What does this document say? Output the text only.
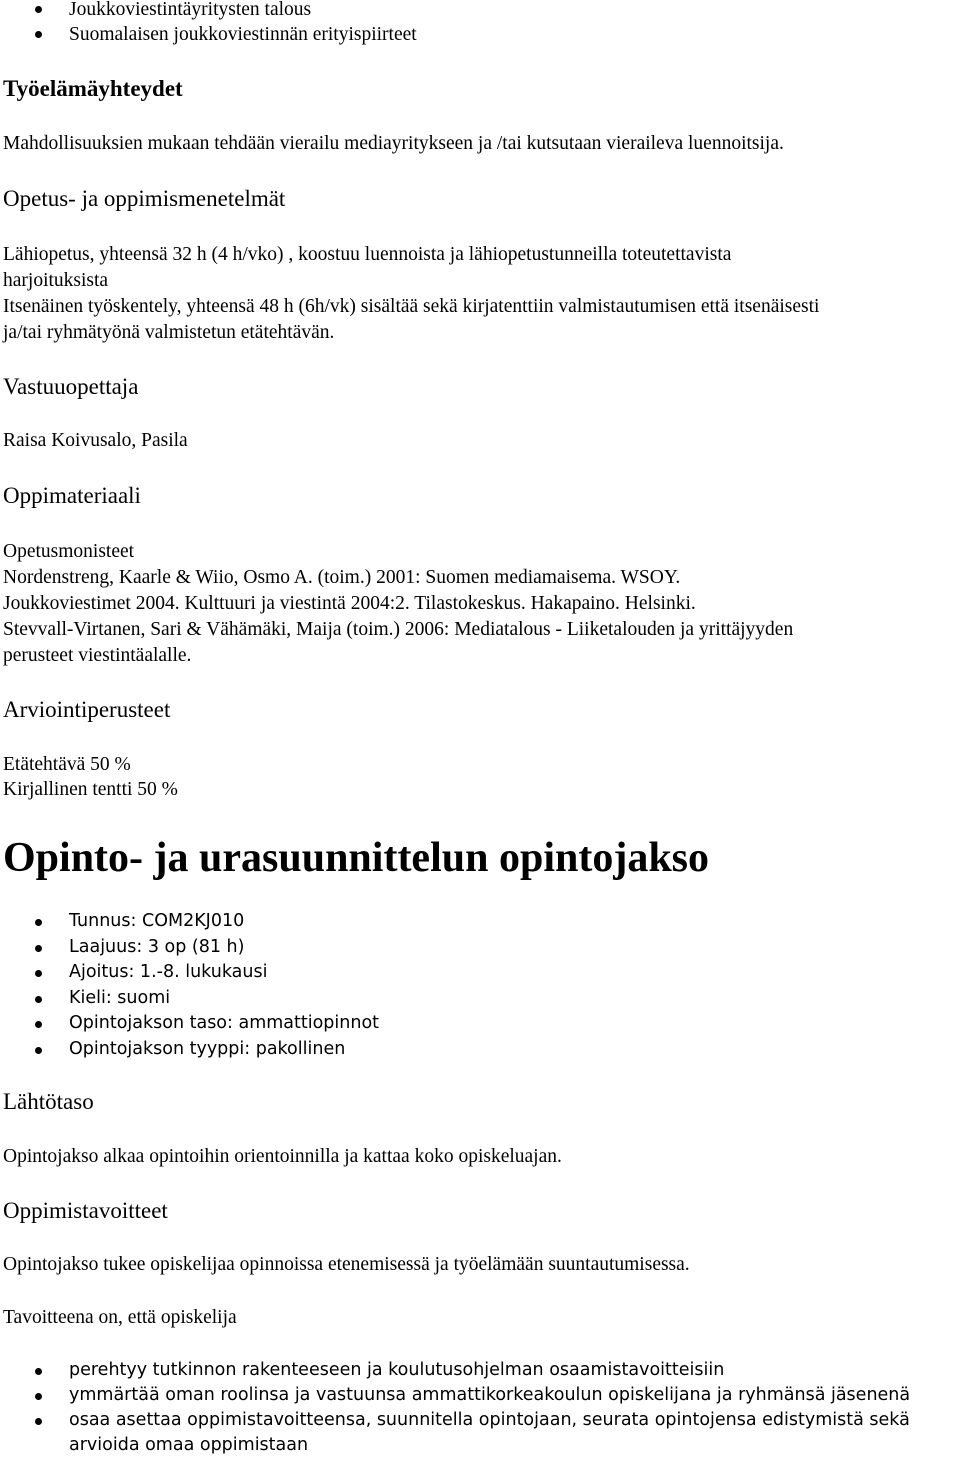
Joukkoviestintäyritysten talous
Suomalaisen joukkoviestinnän erityispiirteet
Työelämäyhteydet
Mahdollisuuksien mukaan tehdään vierailu mediayritykseen ja /tai kutsutaan vieraileva luennoitsija.
Opetus- ja oppimismenetelmät
Lähiopetus, yhteensä 32 h (4 h/vko) , koostuu luennoista ja lähiopetustunneilla toteutettavista
harjoituksista
Itsenäinen työskentely, yhteensä 48 h (6h/vk) sisältää sekä kirjatenttiin valmistautumisen että itsenäisesti
ja/tai ryhmätyönä valmistetun etätehtävän.
Vastuuopettaja
Raisa Koivusalo, Pasila
Oppimateriaali
Opetusmonisteet
Nordenstreng, Kaarle & Wiio, Osmo A. (toim.) 2001: Suomen mediamaisema. WSOY.
Joukkoviestimet 2004. Kulttuuri ja viestintä 2004:2. Tilastokeskus. Hakapaino. Helsinki.
Stevvall-Virtanen, Sari & Vähämäki, Maija (toim.) 2006: Mediatalous - Liiketalouden ja yrittäjyyden
perusteet viestintäalalle.
Arviointiperusteet
Etätehtävä 50 %
Kirjallinen tentti 50 %
Opinto- ja urasuunnittelun opintojakso
Tunnus: COM2KJ010
Laajuus: 3 op (81 h)
Ajoitus: 1.-8. lukukausi
Kieli: suomi
Opintojakson taso: ammattiopinnot
Opintojakson tyyppi: pakollinen
Lähtötaso
Opintojakso alkaa opintoihin orientoinnilla ja kattaa koko opiskeluajan.
Oppimistavoitteet
Opintojakso tukee opiskelijaa opinnoissa etenemisessä ja työelämään suuntautumisessa.
Tavoitteena on, että opiskelija
perehtyy tutkinnon rakenteeseen ja koulutusohjelman osaamistavoitteisiin
ymmärtää oman roolinsa ja vastuunsa ammattikorkeakoulun opiskelijana ja ryhmänsä jäsenenä
osaa asettaa oppimistavoitteensa, suunnitella opintojaan, seurata opintojensa edistymistä sekä
arvioida omaa oppimistaan
